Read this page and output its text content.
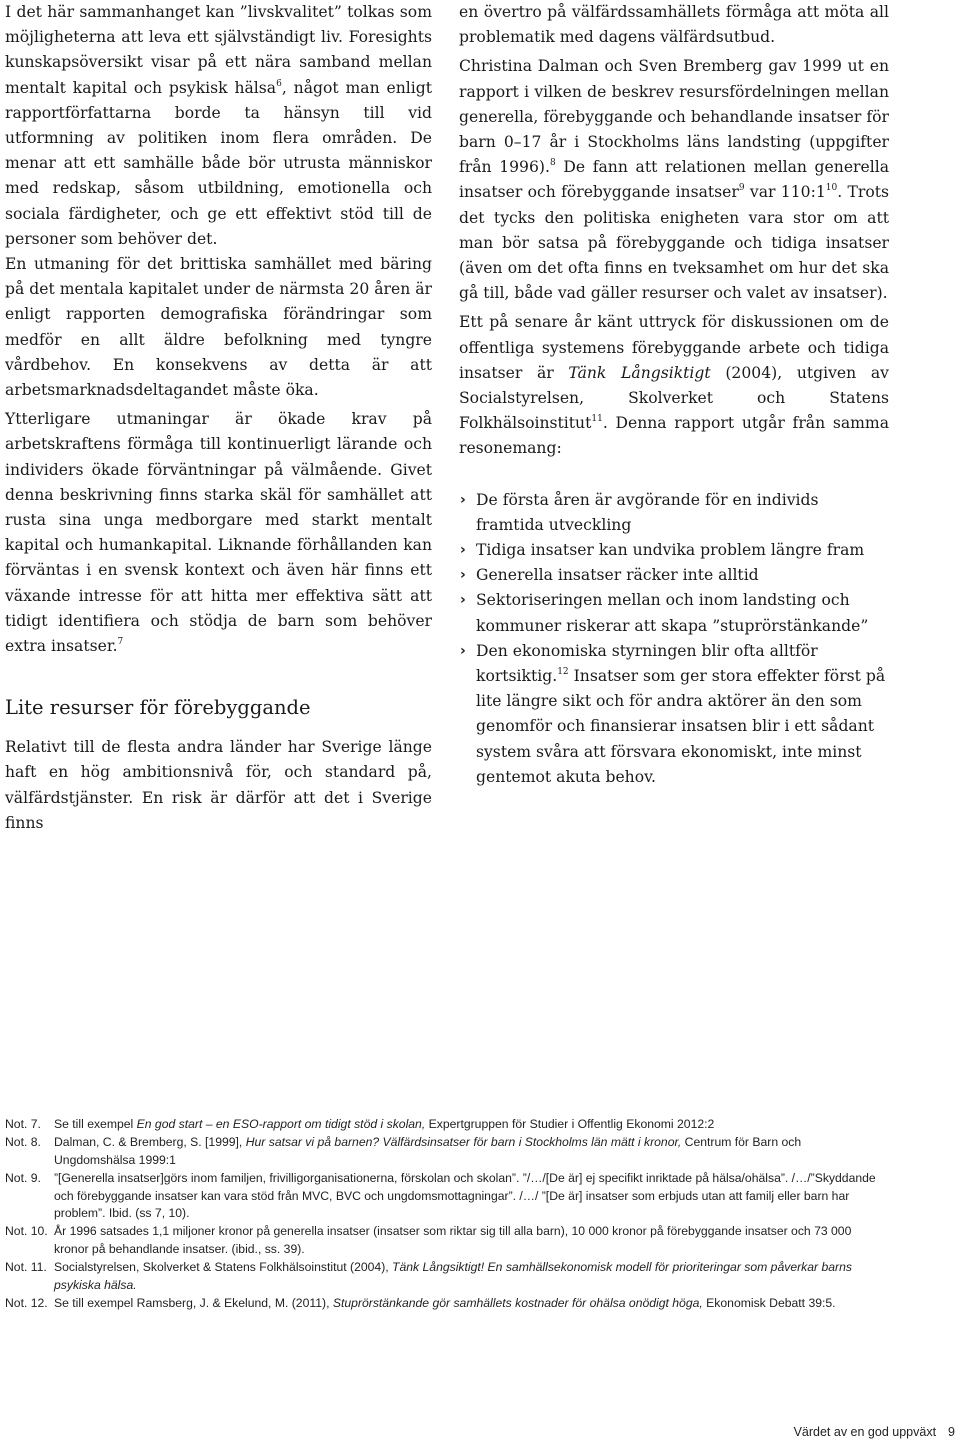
I det här sammanhanget kan ”livskvalitet” tolkas som möjligheterna att leva ett självständigt liv. Foresights kunskapsöversikt visar på ett nära samband mellan mentalt kapital och psykisk hälsa$^6$, något man enligt rapportförfattarna borde ta hänsyn till vid utformning av politiken inom flera områden. De menar att ett samhälle både bör utrusta människor med redskap, såsom utbildning, emotionella och sociala färdigheter, och ge ett effektivt stöd till de personer som behöver det.

En utmaning för det brittiska samhället med bäring på det mentala kapitalet under de närmsta 20 åren är enligt rapporten demografiska förändringar som medför en allt äldre befolkning med tyngre vårdbehov. En konsekvens av detta är att arbetsmarknadsdeltagandet måste öka.

Ytterligare utmaningar är ökade krav på arbetskraftens förmåga till kontinuerligt lärande och individers ökade förväntningar på välmående. Givet denna beskrivning finns starka skäl för samhället att rusta sina unga medborgare med starkt mentalt kapital och humankapital. Liknande förhållanden kan förväntas i en svensk kontext och även här finns ett växande intresse för att hitta mer effektiva sätt att tidigt identifiera och stödja de barn som behöver extra insatser.$^7$

Lite resurser för förebyggande

Relativt till de flesta andra länder har Sverige länge haft en hög ambitionsnivå för, och standard på, välfärdstjänster. En risk är därför att det i Sverige finns

en övertro på välfärdssamhällets förmåga att möta all problematik med dagens välfärdsutbud.

Christina Dalman och Sven Bremberg gav 1999 ut en rapport i vilken de beskrev resursfördelningen mellan generella, förebyggande och behandlande insatser för barn 0–17 år i Stockholms läns landsting (uppgifter från 1996).$^8$ De fann att relationen mellan generella insatser och förebyggande insatser$^9$ var $110:1^{10}$. Trots det tycks den politiska enigheten vara stor om att man bör satsa på förebyggande och tidiga insatser (även om det ofta finns en tveksamhet om hur det ska gå till, både vad gäller resurser och valet av insatser).

Ett på senare år känt uttryck för diskussionen om de offentliga systemens förebyggande arbete och tidiga insatser är Tänk Långsiktigt (2004), utgiven av Socialstyrelsen, Skolverket och Statens Folkhälsoinstitut$^{11}$. Denna rapport utgår från samma resonemang:

› De första åren är avgörande för en individs framtida utveckling
› Tidiga insatser kan undvika problem längre fram
› Generella insatser räcker inte alltid
› Sektoriseringen mellan och inom landsting och kommuner riskerar att skapa ”stuprörstänkande”
› Den ekonomiska styrningen blir ofta alltför kortsiktig.$^{12}$ Insatser som ger stora effekter först på lite längre sikt och för andra aktörer än den som genomför och finansierar insatsen blir i ett sådant system svåra att försvara ekonomiskt, inte minst gentemot akuta behov.
Not. 7.	Se till exempel En god start – en ESO-rapport om tidigt stöd i skolan, Expertgruppen för Studier i Offentlig Ekonomi 2012:2
Not. 8.	Dalman, C. & Bremberg, S. [1999], Hur satsar vi på barnen? Välfärdsinsatser för barn i Stockholms län mätt i kronor, Centrum för Barn och Ungdomshälsa 1999:1
Not. 9.	”[Generella insatser]görs inom familjen, frivilligorganisationerna, förskolan och skolan”. ”/…/[De är] ej specifikt inriktade på hälsa/ohälsa”. /…/”Skyddande och förebyggande insatser kan vara stöd från MVC, BVC och ungdomsmottagningar”. /…/ ”[De är] insatser som erbjuds utan att familj eller barn har problem”. Ibid. (ss 7, 10).
Not. 10. År 1996 satsades 1,1 miljoner kronor på generella insatser (insatser som riktar sig till alla barn), 10 000 kronor på förebyggande insatser och 73 000 kronor på behandlande insatser. (ibid., ss. 39).
Not. 11. Socialstyrelsen, Skolverket & Statens Folkhälsoinstitut (2004), Tänk Långsiktigt! En samhällsekonomisk modell för prioriteringar som påverkar barns psykiska hälsa.
Not. 12. Se till exempel Ramsberg, J. & Ekelund, M. (2011), Stuprörstänkande gör samhällets kostnader för ohälsa onödigt höga, Ekonomisk Debatt 39:5.
Värdet av en god uppväxt 9
